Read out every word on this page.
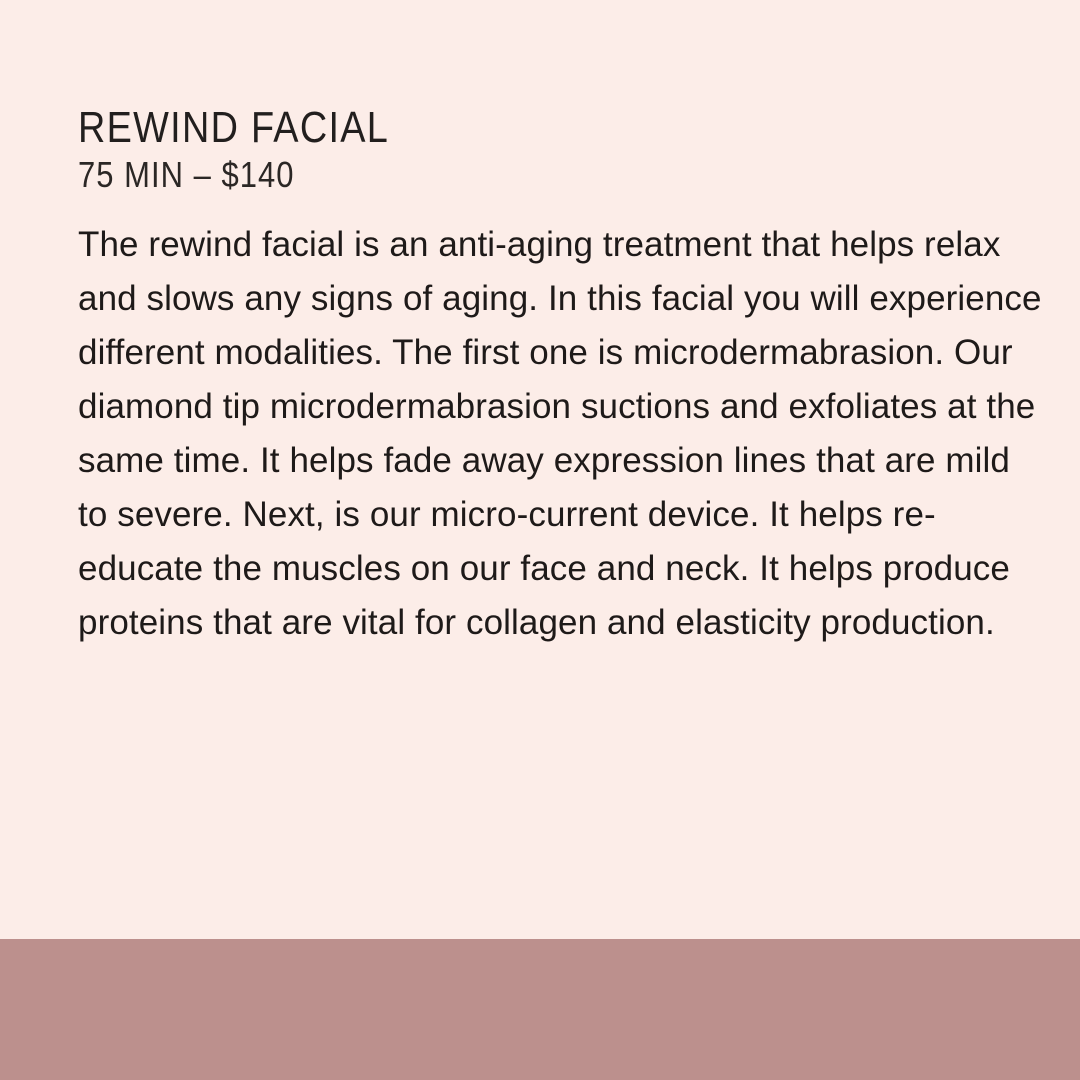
REWIND FACIAL
75 MIN – $140

The rewind facial is an anti-aging treatment that helps relax and slows any signs of aging. In this facial you will experience different modalities. The first one is microdermabrasion. Our diamond tip microdermabrasion suctions and exfoliates at the same time. It helps fade away expression lines that are mild to severe. Next, is our micro-current device. It helps re-educate the muscles on our face and neck. It helps produce proteins that are vital for collagen and elasticity production.
